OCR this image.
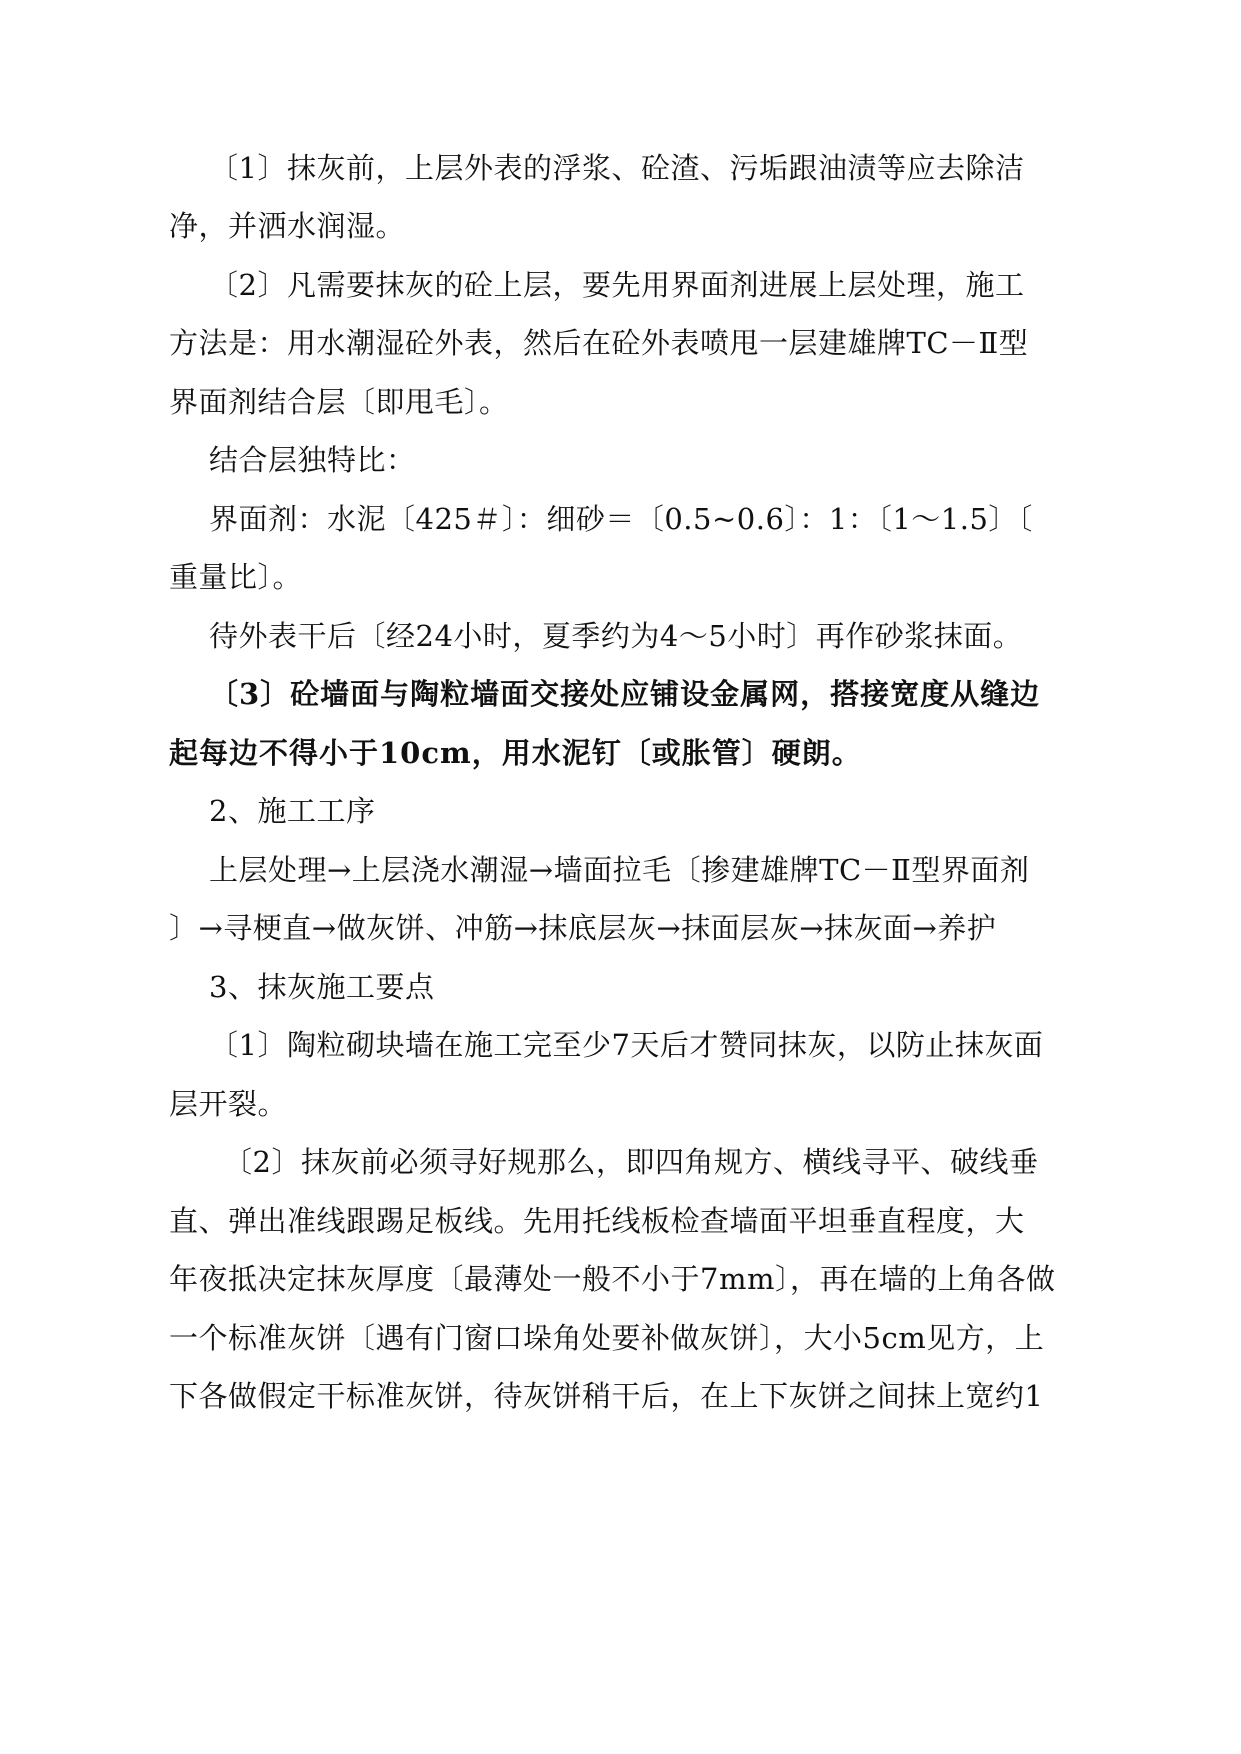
〔1〕抹灰前，上层外表的浮浆、砼渣、污垢跟油渍等应去除洁
净，并洒水润湿。
〔2〕凡需要抹灰的砼上层，要先用界面剂进展上层处理，施工
方法是：用水潮湿砼外表，然后在砼外表喷甩一层建雄牌TC－Ⅱ型
界面剂结合层〔即甩毛〕。
结合层独特比：
界面剂：水泥〔425＃〕：细砂＝〔0.5~0.6〕：1：〔1～1.5〕〔
重量比〕。
待外表干后〔经24小时，夏季约为4～5小时〕再作砂浆抹面。
〔3〕砼墙面与陶粒墙面交接处应铺设金属网，搭接宽度从缝边
起每边不得小于10cm，用水泥钉〔或胀管〕硬朗。
2、施工工序
上层处理→上层浇水潮湿→墙面拉毛〔掺建雄牌TC－Ⅱ型界面剂
〕→寻梗直→做灰饼、冲筋→抹底层灰→抹面层灰→抹灰面→养护
3、抹灰施工要点
〔1〕陶粒砌块墙在施工完至少7天后才赞同抹灰，以防止抹灰面
层开裂。
〔2〕抹灰前必须寻好规那么，即四角规方、横线寻平、破线垂
直、弹出准线跟踢足板线。先用托线板检查墙面平坦垂直程度，大
年夜抵决定抹灰厚度〔最薄处一般不小于7mm〕，再在墙的上角各做
一个标准灰饼〔遇有门窗口垛角处要补做灰饼〕，大小5cm见方，上
下各做假定干标准灰饼，待灰饼稍干后，在上下灰饼之间抹上宽约1
